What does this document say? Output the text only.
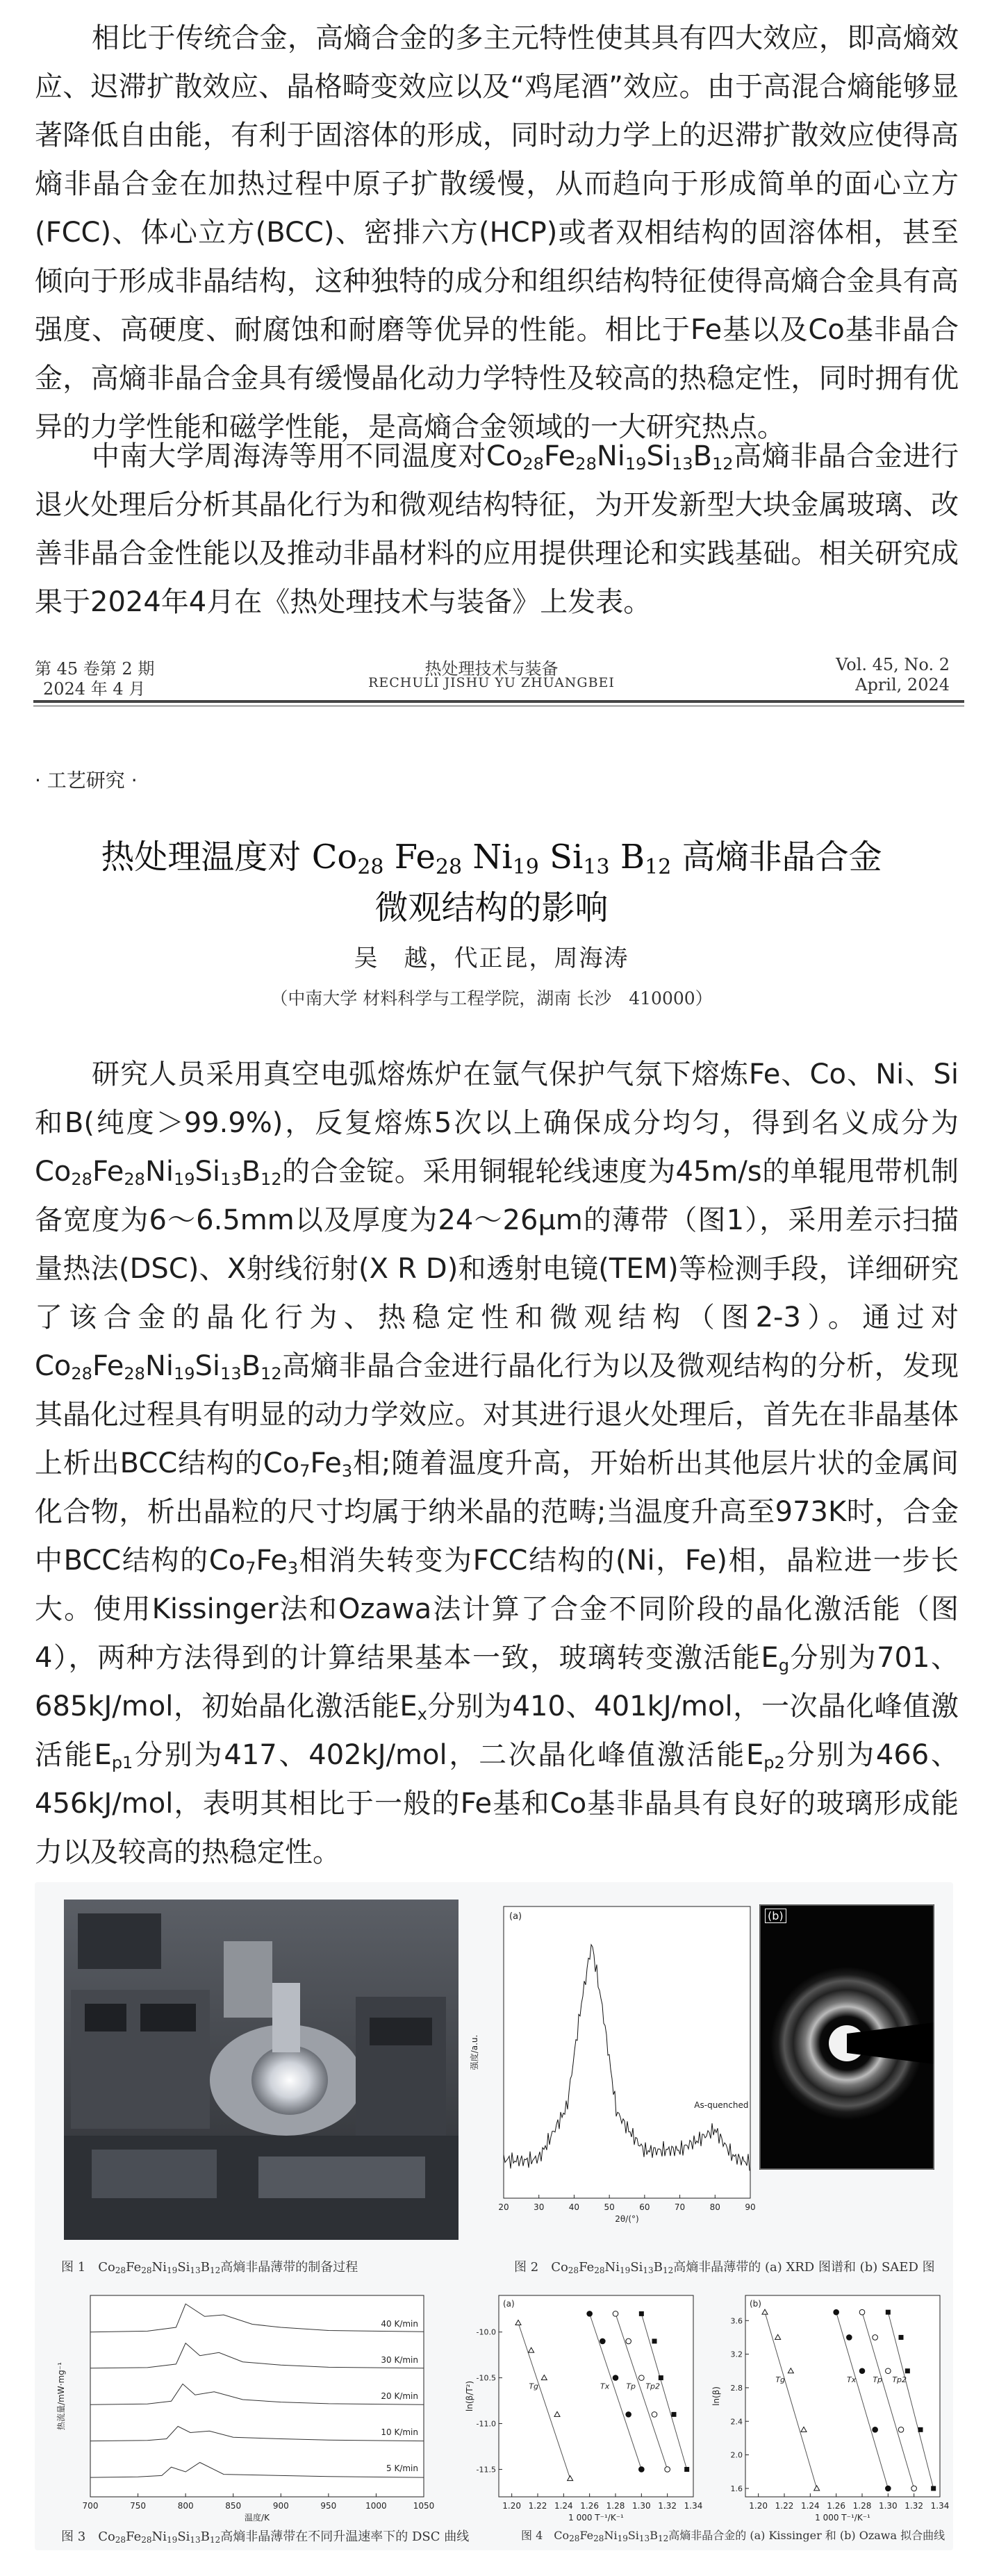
相比于传统合金，高熵合金的多主元特性使其具有四大效应，即高熵效应、迟滞扩散效应、晶格畸变效应以及“鸡尾酒”效应。由于高混合熵能够显著降低自由能，有利于固溶体的形成，同时动力学上的迟滞扩散效应使得高熵非晶合金在加热过程中原子扩散缓慢，从而趋向于形成简单的面心立方(FCC)、体心立方(BCC)、密排六方(HCP)或者双相结构的固溶体相，甚至倾向于形成非晶结构，这种独特的成分和组织结构特征使得高熵合金具有高强度、高硬度、耐腐蚀和耐磨等优异的性能。相比于Fe基以及Co基非晶合金，高熵非晶合金具有缓慢晶化动力学特性及较高的热稳定性，同时拥有优异的力学性能和磁学性能，是高熵合金领域的一大研究热点。

中南大学周海涛等用不同温度对$Co_{28}Fe_{28}Ni_{19}Si_{13}B_{12}$高熵非晶合金进行退火处理后分析其晶化行为和微观结构特征，为开发新型大块金属玻璃、改善非晶合金性能以及推动非晶材料的应用提供理论和实践基础。相关研究成果于2024年4月在《热处理技术与装备》上发表。

第 45 卷第 2 期
2024 年 4 月
热处理技术与装备
RECHULI JISHU YU ZHUANGBEI
Vol. 45, No. 2
April, 2024
· 工艺研究 ·
热处理温度对 $Co_{28}$ $Fe_{28}$ $Ni_{19}$ $Si_{13}$ $B_{12}$ 高熵非晶合金
微观结构的影响
吴　越，代正昆，周海涛
（中南大学 材料科学与工程学院，湖南 长沙　410000）

研究人员采用真空电弧熔炼炉在氩气保护气氛下熔炼Fe、Co、Ni、Si和B(纯度＞99.9%)，反复熔炼5次以上确保成分均匀，得到名义成分为$Co_{28}Fe_{28}Ni_{19}Si_{13}B_{12}$的合金锭。采用铜辊轮线速度为45m/s的单辊甩带机制备宽度为6～6.5mm以及厚度为24～26μm的薄带（图1），采用差示扫描量热法(DSC)、X射线衍射(X R D)和透射电镜(TEM)等检测手段，详细研究了该合金的晶化行为、热稳定性和微观结构（图2-3）。通过对$Co_{28}Fe_{28}Ni_{19}Si_{13}B_{12}$高熵非晶合金进行晶化行为以及微观结构的分析，发现其晶化过程具有明显的动力学效应。对其进行退火处理后，首先在非晶基体上析出BCC结构的$Co_7Fe_3$相;随着温度升高，开始析出其他层片状的金属间化合物，析出晶粒的尺寸均属于纳米晶的范畴;当温度升高至973K时，合金中BCC结构的$Co_7Fe_3$相消失转变为FCC结构的(Ni，Fe)相，晶粒进一步长大。使用Kissinger法和Ozawa法计算了合金不同阶段的晶化激活能（图4），两种方法得到的计算结果基本一致，玻璃转变激活能$E_g$分别为701、685kJ/mol，初始晶化激活能$E_x$分别为410、401kJ/mol，一次晶化峰值激活能$E_{p1}$分别为417、402kJ/mol，二次晶化峰值激活能$E_{p2}$分别为466、456kJ/mol，表明其相比于一般的Fe基和Co基非晶具有良好的玻璃形成能力以及较高的热稳定性。

图 1　 $Co_{28}Fe_{28}Ni_{19}Si_{13}B_{12}$高熵非晶薄带的制备过程
20	30	40	50	60	70	80	90
2θ/(°)
强度/a.u.
(a)
As-quenched
(b)
图 2　 $Co_{28}Fe_{28}Ni_{19}Si_{13}B_{12}$高熵非晶薄带的 (a) XRD 图谱和 (b) SAED 图
700	750	800	850	900	950	1000	1050
温度/K
热流量/mW·mg⁻¹
40 K/min
30 K/min
20 K/min
10 K/min
5 K/min
图 3　 $Co_{28}Fe_{28}Ni_{19}Si_{13}B_{12}$高熵非晶薄带在不同升温速率下的 DSC 曲线
1.20 1.22 1.24 1.26 1.28 1.30 1.32 1.34
-10.0
-10.5
-11.0
-11.5
1 000 T⁻¹/K⁻¹
ln(β/T²)
(a)
Tg	Tx Tp Tp2
1.20 1.22 1.24 1.26 1.28 1.30 1.32 1.34
1.6
2.0
2.4
2.8
3.2
3.6
1 000 T⁻¹/K⁻¹
ln(β)
(b)
Tg	Tx Tp Tp2
图 4　 $Co_{28}Fe_{28}Ni_{19}Si_{13}B_{12}$高熵非晶合金的 (a) Kissinger 和 (b) Ozawa 拟合曲线
